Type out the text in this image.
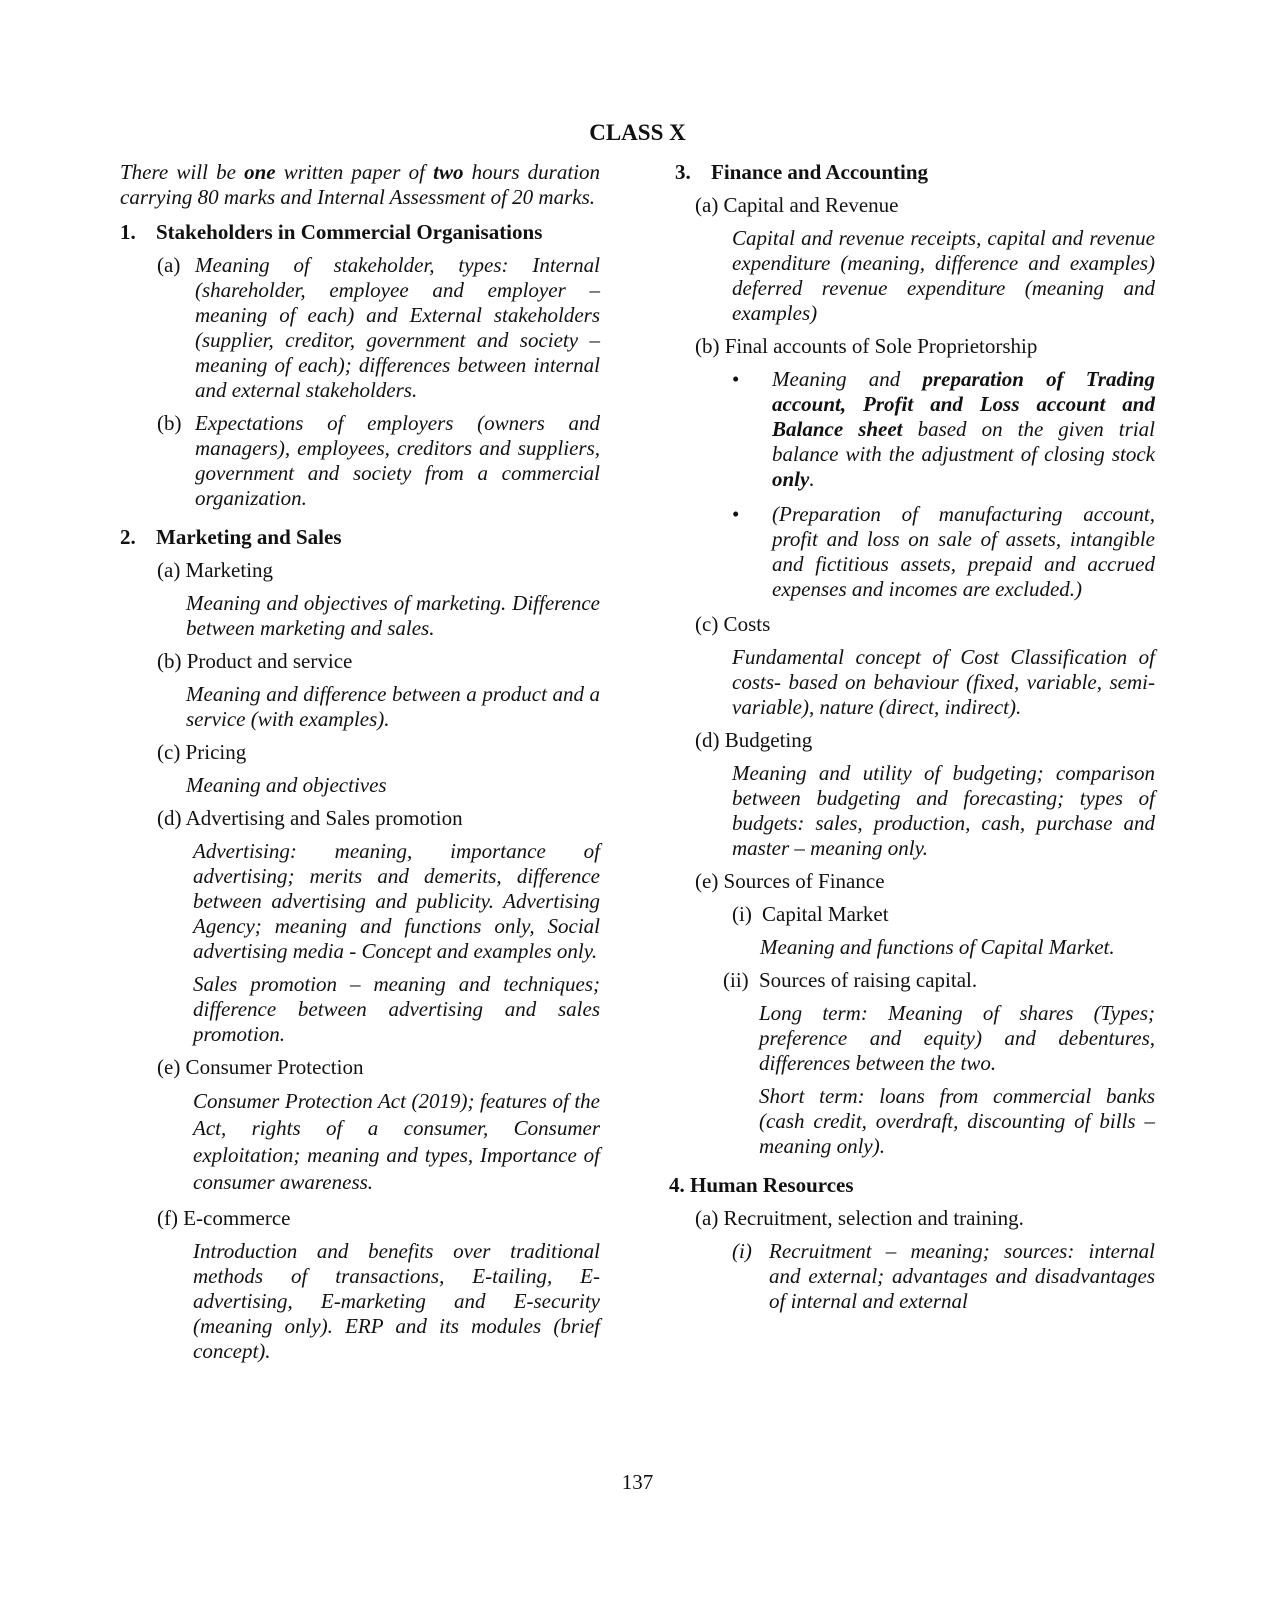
CLASS X
There will be one written paper of two hours duration carrying 80 marks and Internal Assessment of 20 marks.
1. Stakeholders in Commercial Organisations
(a) Meaning of stakeholder, types: Internal (shareholder, employee and employer – meaning of each) and External stakeholders (supplier, creditor, government and society – meaning of each); differences between internal and external stakeholders.
(b) Expectations of employers (owners and managers), employees, creditors and suppliers, government and society from a commercial organization.
2. Marketing and Sales
(a) Marketing
Meaning and objectives of marketing. Difference between marketing and sales.
(b) Product and service
Meaning and difference between a product and a service (with examples).
(c) Pricing
Meaning and objectives
(d) Advertising and Sales promotion
Advertising: meaning, importance of advertising; merits and demerits, difference between advertising and publicity. Advertising Agency; meaning and functions only, Social advertising media - Concept and examples only.
Sales promotion – meaning and techniques; difference between advertising and sales promotion.
(e) Consumer Protection
Consumer Protection Act (2019); features of the Act, rights of a consumer, Consumer exploitation; meaning and types, Importance of consumer awareness.
(f) E-commerce
Introduction and benefits over traditional methods of transactions, E-tailing, E-advertising, E-marketing and E-security (meaning only). ERP and its modules (brief concept).
3. Finance and Accounting
(a) Capital and Revenue
Capital and revenue receipts, capital and revenue expenditure (meaning, difference and examples) deferred revenue expenditure (meaning and examples)
(b) Final accounts of Sole Proprietorship
•	Meaning and preparation of Trading account, Profit and Loss account and Balance sheet based on the given trial balance with the adjustment of closing stock only.
•	(Preparation of manufacturing account, profit and loss on sale of assets, intangible and fictitious assets, prepaid and accrued expenses and incomes are excluded.)
(c) Costs
Fundamental concept of Cost Classification of costs- based on behaviour (fixed, variable, semi-variable), nature (direct, indirect).
(d) Budgeting
Meaning and utility of budgeting; comparison between budgeting and forecasting; types of budgets: sales, production, cash, purchase and master – meaning only.
(e) Sources of Finance
(i) Capital Market
Meaning and functions of Capital Market.
(ii) Sources of raising capital.
Long term: Meaning of shares (Types; preference and equity) and debentures, differences between the two.
Short term: loans from commercial banks (cash credit, overdraft, discounting of bills – meaning only).
4. Human Resources
(a) Recruitment, selection and training.
(i) Recruitment – meaning; sources: internal and external; advantages and disadvantages of internal and external
137
